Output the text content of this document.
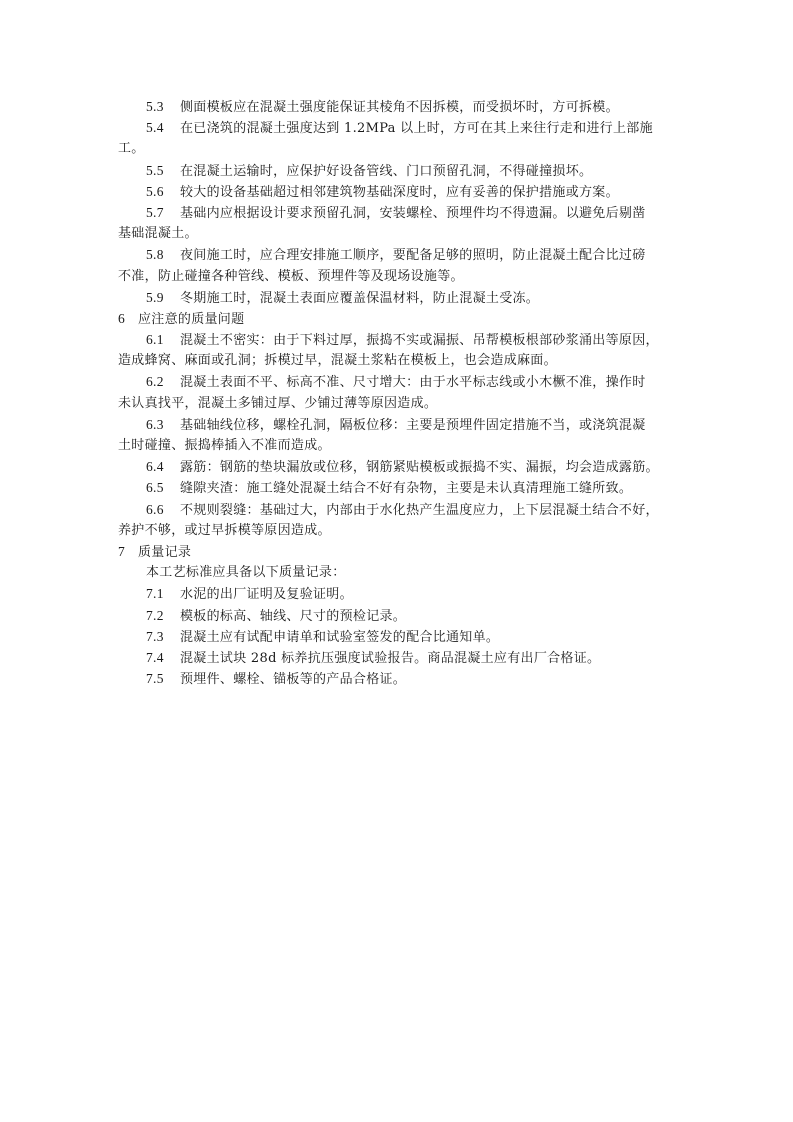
5.3 侧面模板应在混凝土强度能保证其棱角不因拆模，而受损坏时，方可拆模。
5.4 在已浇筑的混凝土强度达到 1.2MPa 以上时，方可在其上来往行走和进行上部施
工。
5.5 在混凝土运输时，应保护好设备管线、门口预留孔洞，不得碰撞损坏。
5.6 较大的设备基础超过相邻建筑物基础深度时，应有妥善的保护措施或方案。
5.7 基础内应根据设计要求预留孔洞，安装螺栓、预埋件均不得遗漏。以避免后剔凿
基础混凝土。
5.8 夜间施工时，应合理安排施工顺序，要配备足够的照明，防止混凝土配合比过磅
不准，防止碰撞各种管线、模板、预埋件等及现场设施等。
5.9 冬期施工时，混凝土表面应覆盖保温材料，防止混凝土受冻。
6 应注意的质量问题
6.1 混凝土不密实：由于下料过厚，振捣不实或漏振、吊帮模板根部砂浆涌出等原因，
造成蜂窝、麻面或孔洞；拆模过早，混凝土浆粘在模板上，也会造成麻面。
6.2 混凝土表面不平、标高不准、尺寸增大：由于水平标志线或小木橛不准，操作时
未认真找平，混凝土多铺过厚、少铺过薄等原因造成。
6.3 基础轴线位移，螺栓孔洞，隔板位移：主要是预埋件固定措施不当，或浇筑混凝
土时碰撞、振捣棒插入不准而造成。
6.4 露筋：钢筋的垫块漏放或位移，钢筋紧贴模板或振捣不实、漏振，均会造成露筋。
6.5 缝隙夹渣：施工缝处混凝土结合不好有杂物，主要是未认真清理施工缝所致。
6.6 不规则裂缝：基础过大，内部由于水化热产生温度应力，上下层混凝土结合不好，
养护不够，或过早拆模等原因造成。
7 质量记录
本工艺标准应具备以下质量记录：
7.1 水泥的出厂证明及复验证明。
7.2 模板的标高、轴线、尺寸的预检记录。
7.3 混凝土应有试配申请单和试验室签发的配合比通知单。
7.4 混凝土试块 28d 标养抗压强度试验报告。商品混凝土应有出厂合格证。
7.5 预埋件、螺栓、锚板等的产品合格证。
